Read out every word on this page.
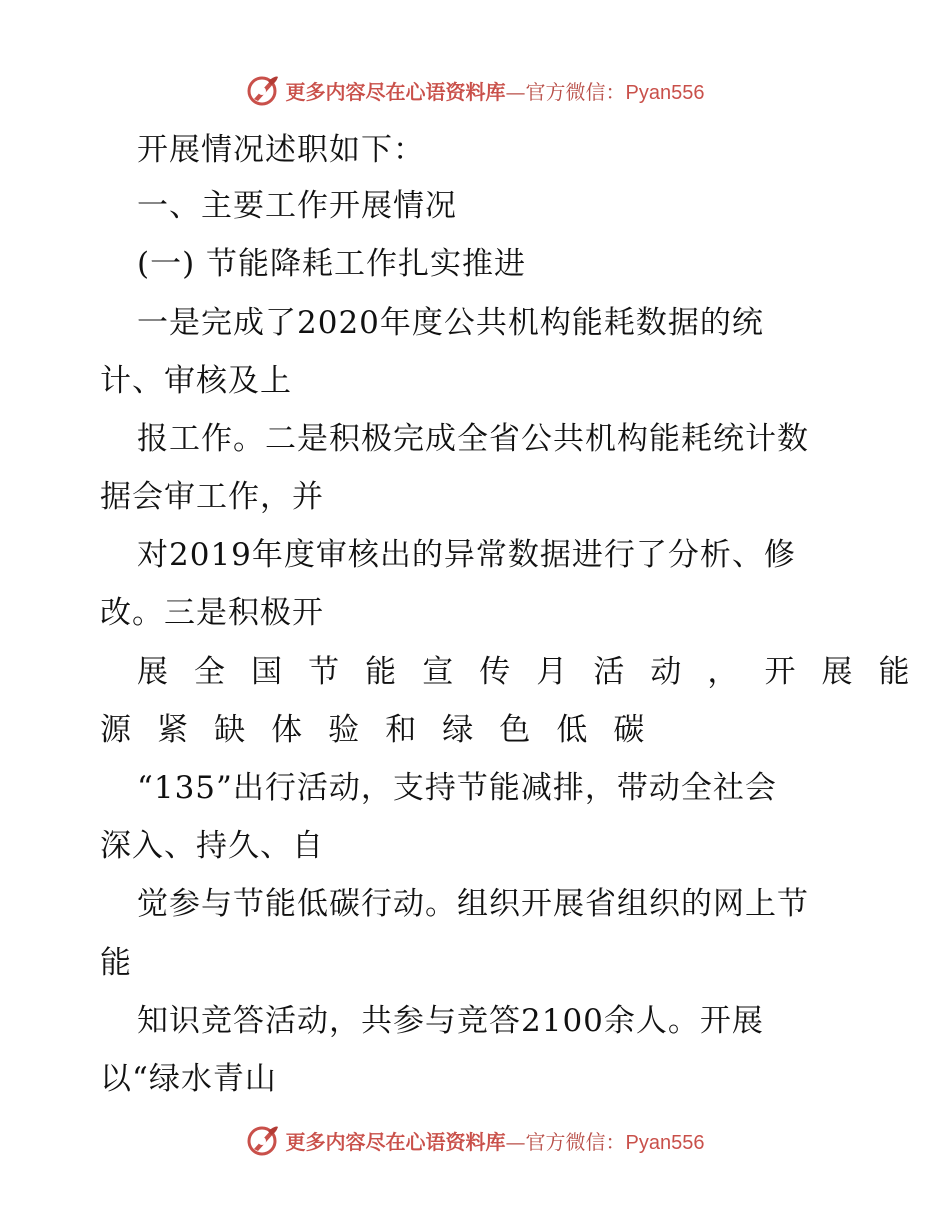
更多内容尽在心语资料库—官方微信：Pyan556
开展情况述职如下：
一、主要工作开展情况
(一) 节能降耗工作扎实推进
一是完成了2020年度公共机构能耗数据的统
计、审核及上
报工作。二是积极完成全省公共机构能耗统计数
据会审工作，并
对2019年度审核出的异常数据进行了分析、修
改。三是积极开
展全国节能宣传月活动，开展能
源紧缺体验和绿色低碳
“135”出行活动，支持节能减排，带动全社会
深入、持久、自
觉参与节能低碳行动。组织开展省组织的网上节
能
知识竞答活动，共参与竞答2100余人。开展
以“绿水青山
更多内容尽在心语资料库—官方微信：Pyan556
